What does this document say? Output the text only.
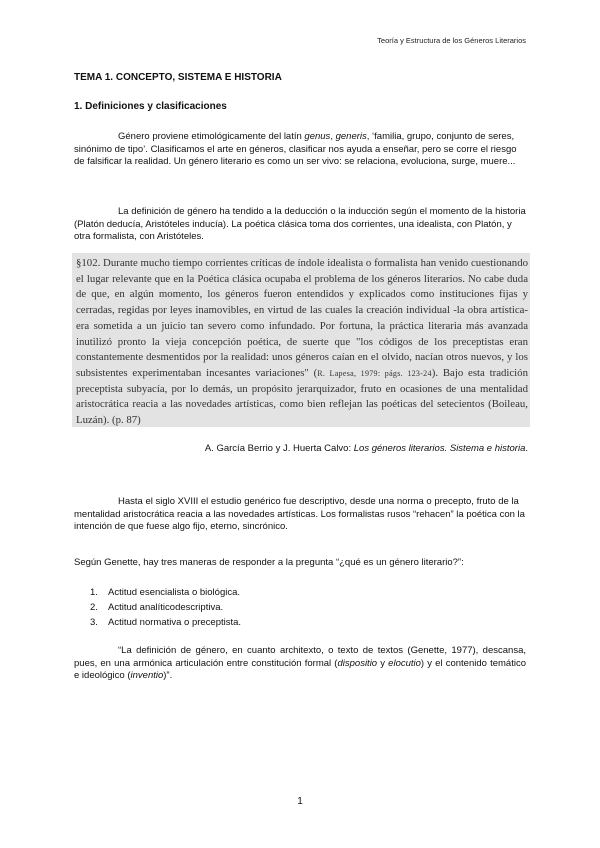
Teoría y Estructura de los Géneros Literarios
TEMA 1. CONCEPTO, SISTEMA E HISTORIA
1. Definiciones y clasificaciones

Género proviene etimológicamente del latín genus, generis, ‘familia, grupo, conjunto de seres, sinónimo de tipo’. Clasificamos el arte en géneros, clasificar nos ayuda a enseñar, pero se corre el riesgo de falsificar la realidad. Un género literario es como un ser vivo: se relaciona, evoluciona, surge, muere...

La definición de género ha tendido a la deducción o la inducción según el momento de la historia (Platón deducía, Aristóteles inducía). La poética clásica toma dos corrientes, una idealista, con Platón, y otra formalista, con Aristóteles.

§102. Durante mucho tiempo corrientes críticas de índole idealista o formalista han venido cuestionando el lugar relevante que en la Poética clásica ocupaba el problema de los géneros literarios. No cabe duda de que, en algún momento, los géneros fueron entendidos y explicados como instituciones fijas y cerradas, regidas por leyes inamovibles, en virtud de las cuales la creación individual -la obra artística- era sometida a un juicio tan severo como infundado. Por fortuna, la práctica literaria más avanzada inutilizó pronto la vieja concepción poética, de suerte que "los códigos de los preceptistas eran constantemente desmentidos por la realidad: unos géneros caían en el olvido, nacían otros nuevos, y los subsistentes experimentaban incesantes variaciones" (R. Lapesa, 1979: págs. 123-24). Bajo esta tradición preceptista subyacía, por lo demás, un propósito jerarquizador, fruto en ocasiones de una mentalidad aristocrática reacia a las novedades artísticas, como bien reflejan las poéticas del setecientos (Boileau, Luzán). (p. 87)

A. García Berrio y J. Huerta Calvo: Los géneros literarios. Sistema e historia.

Hasta el siglo XVIII el estudio genérico fue descriptivo, desde una norma o precepto, fruto de la mentalidad aristocrática reacia a las novedades artísticas. Los formalistas rusos “rehacen” la poética con la intención de que fuese algo fijo, eterno, sincrónico.

Según Genette, hay tres maneras de responder a la pregunta “¿qué es un género literario?”:

1. Actitud esencialista o biológica.
2. Actitud analíticodescriptiva.
3. Actitud normativa o preceptista.

“La definición de género, en cuanto architexto, o texto de textos (Genette, 1977), descansa, pues, en una armónica articulación entre constitución formal (dispositio y elocutio) y el contenido temático e ideológico (inventio)”.

1
